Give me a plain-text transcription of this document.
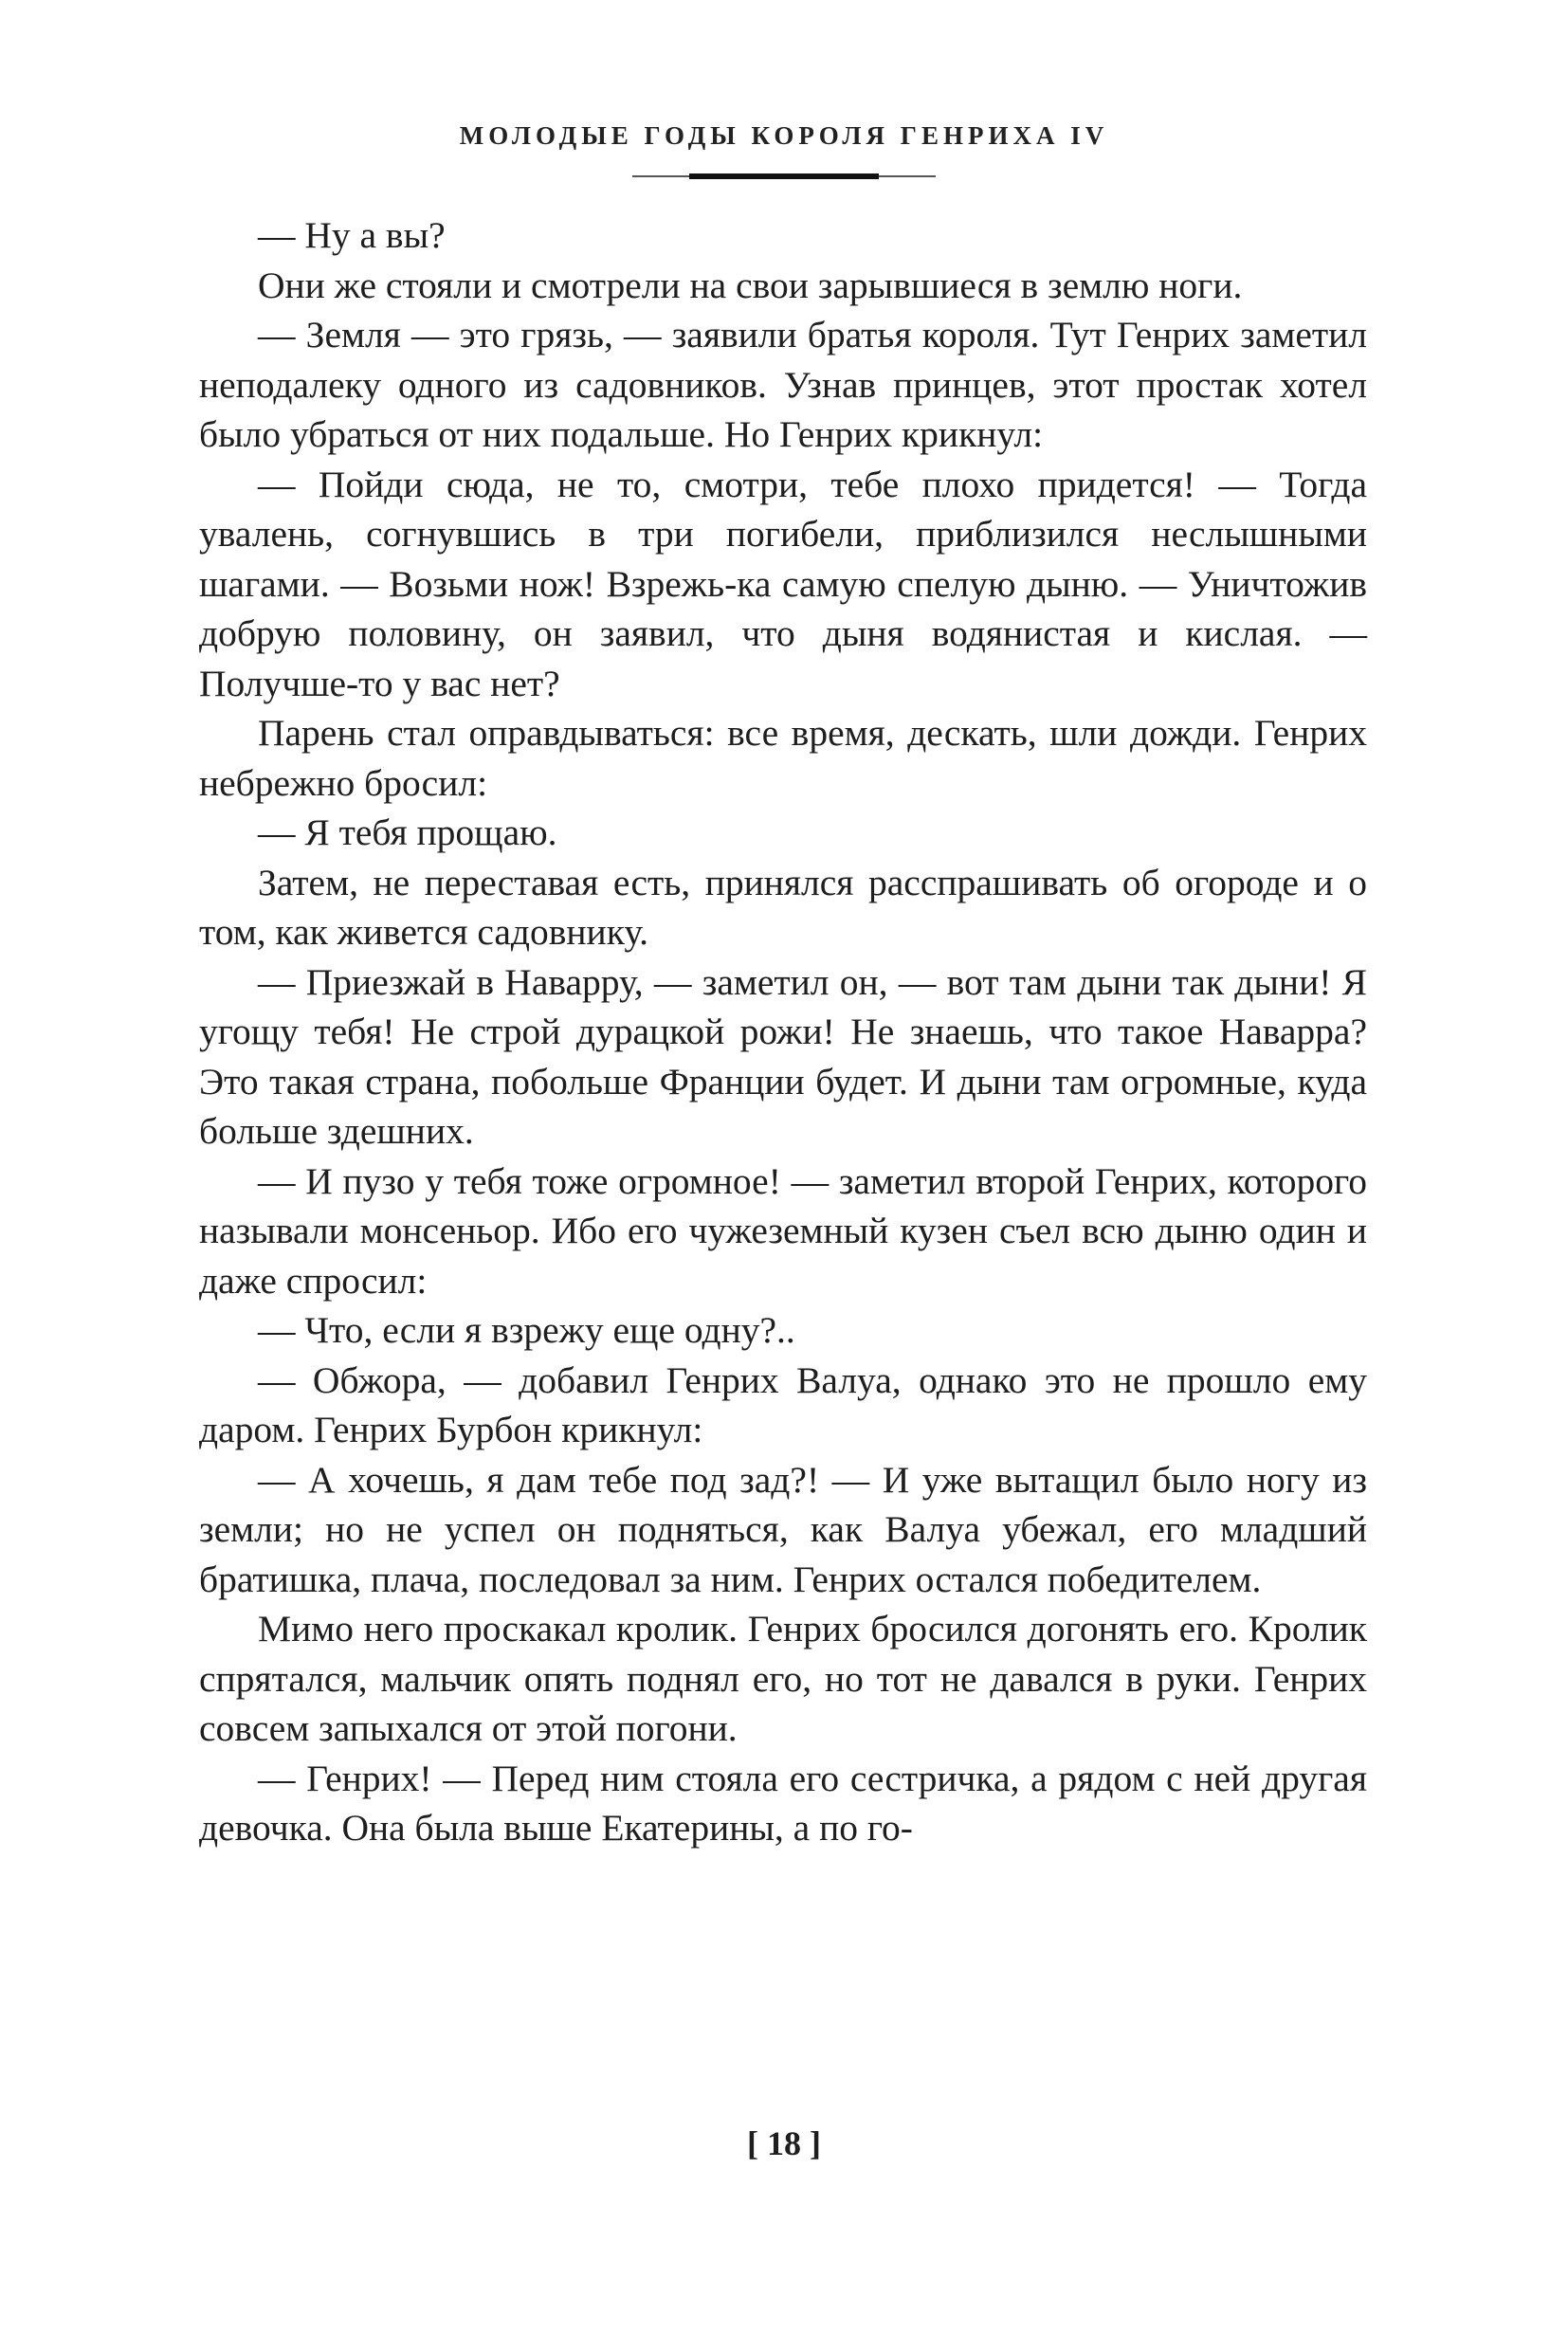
МОЛОДЫЕ ГОДЫ КОРОЛЯ ГЕНРИХА IV

— Ну а вы?

Они же стояли и смотрели на свои зарывшиеся в землю ноги.

— Земля — это грязь, — заявили братья короля. Тут Генрих заметил неподалеку одного из садовников. Узнав принцев, этот простак хотел было убраться от них подальше. Но Генрих крикнул:

— Пойди сюда, не то, смотри, тебе плохо придется! — Тогда увалень, согнувшись в три погибели, приблизился неслышными шагами. — Возьми нож! Взрежь-ка самую спелую дыню. — Уничтожив добрую половину, он заявил, что дыня водянистая и кислая. — Получше-то у вас нет?

Парень стал оправдываться: все время, дескать, шли дожди. Генрих небрежно бросил:

— Я тебя прощаю.

Затем, не переставая есть, принялся расспрашивать об огороде и о том, как живется садовнику.

— Приезжай в Наварру, — заметил он, — вот там дыни так дыни! Я угощу тебя! Не строй дурацкой рожи! Не знаешь, что такое Наварра? Это такая страна, побольше Франции будет. И дыни там огромные, куда больше здешних.

— И пузо у тебя тоже огромное! — заметил второй Генрих, которого называли монсеньор. Ибо его чужеземный кузен съел всю дыню один и даже спросил:

— Что, если я взрежу еще одну?..

— Обжора, — добавил Генрих Валуа, однако это не прошло ему даром. Генрих Бурбон крикнул:

— А хочешь, я дам тебе под зад?! — И уже вытащил было ногу из земли; но не успел он подняться, как Валуа убежал, его младший братишка, плача, последовал за ним. Генрих остался победителем.

Мимо него проскакал кролик. Генрих бросился догонять его. Кролик спрятался, мальчик опять поднял его, но тот не давался в руки. Генрих совсем запыхался от этой погони.

— Генрих! — Перед ним стояла его сестричка, а рядом с ней другая девочка. Она была выше Екатерины, а по го-

[ 18 ]
